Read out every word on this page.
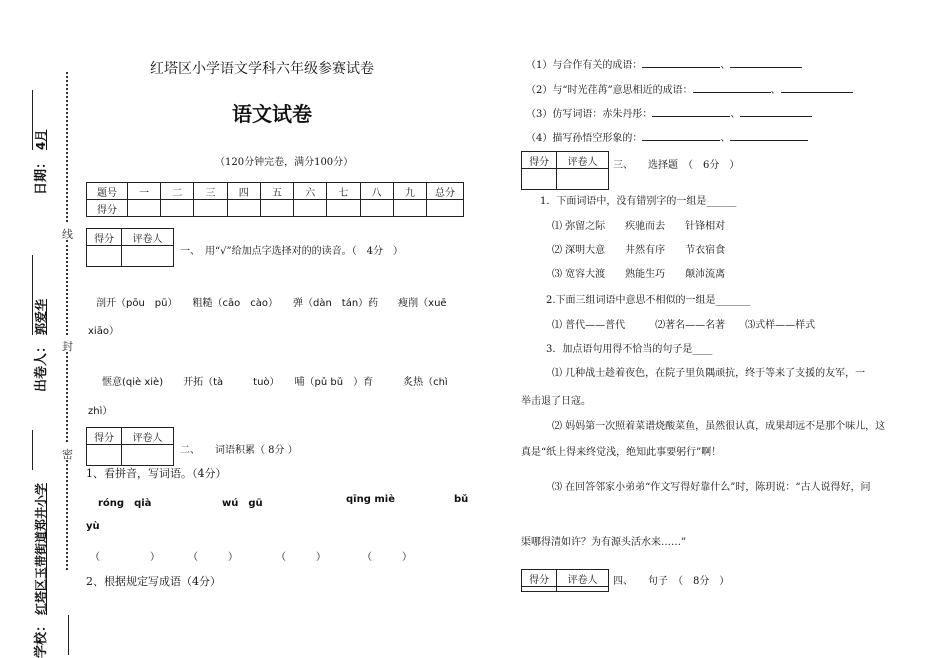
日期：
4月
出卷人：
郭爱华
学校：
红塔区玉带街道郑井小学
线
封
密
红塔区小学语文学科六年级参赛试卷
语文试卷
（120分钟完卷，满分100分）
题号	一	二	三	四	五	六	七	八	九	总分
得分										
得分	评卷人

一、　用“√”给加点字选择对的的读音。（　4分　）
剖开（pōu　pū）　　粗糙（cāo　cào）　　弹（dàn　tán）药　　瘦削（xuē
xiāo）
惬意(qiè xiè)　　开拓（tà　　　tuò）　　哺（pǔ bǔ　）育　　　炙热（chì
zhì）
得分	评卷人

二、　　词语积累（ 8分 ）
1、看拼音，写词语。（4分）
róng　qià	wú　gū	qīng miè	bǔ
yù
（　　　　　）	（　　　）	（　　　）	（　　　）
2、根据规定写成语（4分）
（1）与合作有关的成语：	、
（2）与“时光荏苒”意思相近的成语：	、
（3）仿写词语：赤朱丹彤：	、
（4）描写孙悟空形象的：	、
得分	评卷人
	三、　　选择题　（　6分　）
1．下面词语中，没有错别字的一组是______
⑴ 弥留之际　　疾驰而去　　针锋相对
⑵ 深明大意　　井然有序　　节衣宿食
⑶ 宽容大渡　　熟能生巧　　颠沛流离
2.下面三组词语中意思不相似的一组是_______
⑴ 普代——普代　　　⑵著名——名著　　⑶式样——样式
3．加点语句用得不恰当的句子是____
⑴ 几种战士趁着夜色，在院子里负隅顽抗，终于等来了支援的友军，一
举击退了日寇。
⑵ 妈妈第一次照着菜谱烧酸菜鱼，虽然很认真，成果却远不是那个味儿，这
真是“纸上得来终觉浅，绝知此事要躬行”啊！
⑶ 在回答邻家小弟弟“作文写得好靠什么”时，陈玥说：“古人说得好，问
渠哪得清如许？为有源头活水来……”
得分	评卷人
	四、　　句子　（　8分　）
